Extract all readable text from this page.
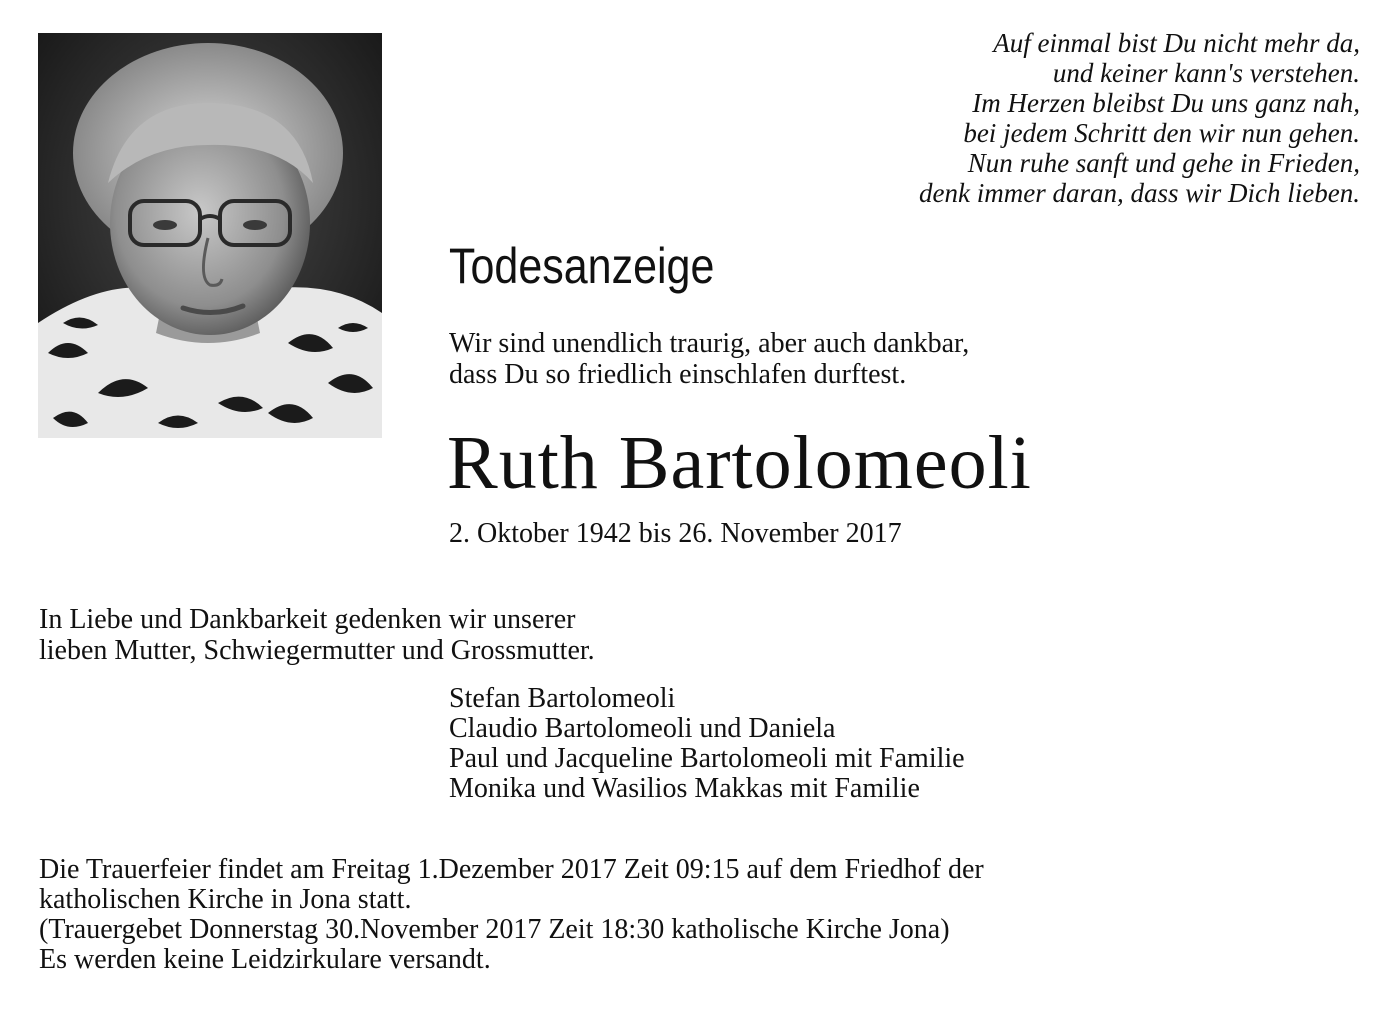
Auf einmal bist Du nicht mehr da,
und keiner kann's verstehen.
Im Herzen bleibst Du uns ganz nah,
bei jedem Schritt den wir nun gehen.
Nun ruhe sanft und gehe in Frieden,
denk immer daran, dass wir Dich lieben.
Todesanzeige
Wir sind unendlich traurig, aber auch dankbar,
dass Du so friedlich einschlafen durftest.
Ruth Bartolomeoli
2. Oktober 1942 bis 26. November 2017
In Liebe und Dankbarkeit gedenken wir unserer
lieben Mutter, Schwiegermutter und Grossmutter.
Stefan Bartolomeoli
Claudio Bartolomeoli und Daniela
Paul und Jacqueline Bartolomeoli mit Familie
Monika und Wasilios Makkas mit Familie
Die Trauerfeier findet am Freitag 1.Dezember 2017 Zeit 09:15 auf dem Friedhof der
katholischen Kirche in Jona statt.
(Trauergebet Donnerstag 30.November 2017 Zeit 18:30 katholische Kirche Jona)
Es werden keine Leidzirkulare versandt.
